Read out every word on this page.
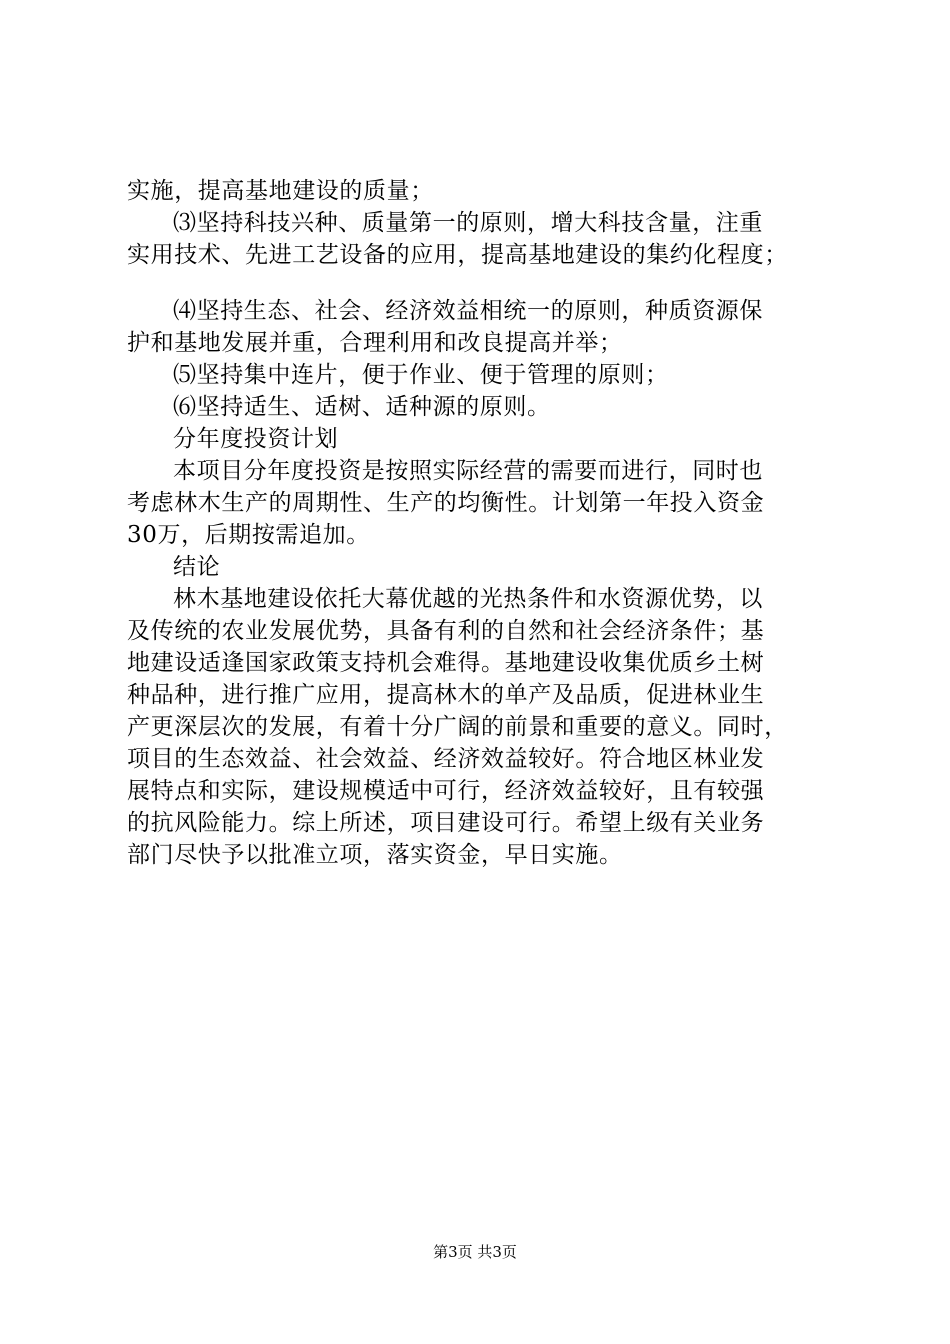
实施，提高基地建设的质量；
⑶坚持科技兴种、质量第一的原则，增大科技含量，注重
实用技术、先进工艺设备的应用，提高基地建设的集约化程度；
⑷坚持生态、社会、经济效益相统一的原则，种质资源保
护和基地发展并重，合理利用和改良提高并举；
⑸坚持集中连片，便于作业、便于管理的原则；
⑹坚持适生、适树、适种源的原则。
分年度投资计划
本项目分年度投资是按照实际经营的需要而进行，同时也
考虑林木生产的周期性、生产的均衡性。计划第一年投入资金
30万，后期按需追加。
结论
林木基地建设依托大幕优越的光热条件和水资源优势，以
及传统的农业发展优势，具备有利的自然和社会经济条件；基
地建设适逢国家政策支持机会难得。基地建设收集优质乡土树
种品种，进行推广应用，提高林木的单产及品质，促进林业生
产更深层次的发展，有着十分广阔的前景和重要的意义。同时，
项目的生态效益、社会效益、经济效益较好。符合地区林业发
展特点和实际，建设规模适中可行，经济效益较好，且有较强
的抗风险能力。综上所述，项目建设可行。希望上级有关业务
部门尽快予以批准立项，落实资金，早日实施。
第3页 共3页
